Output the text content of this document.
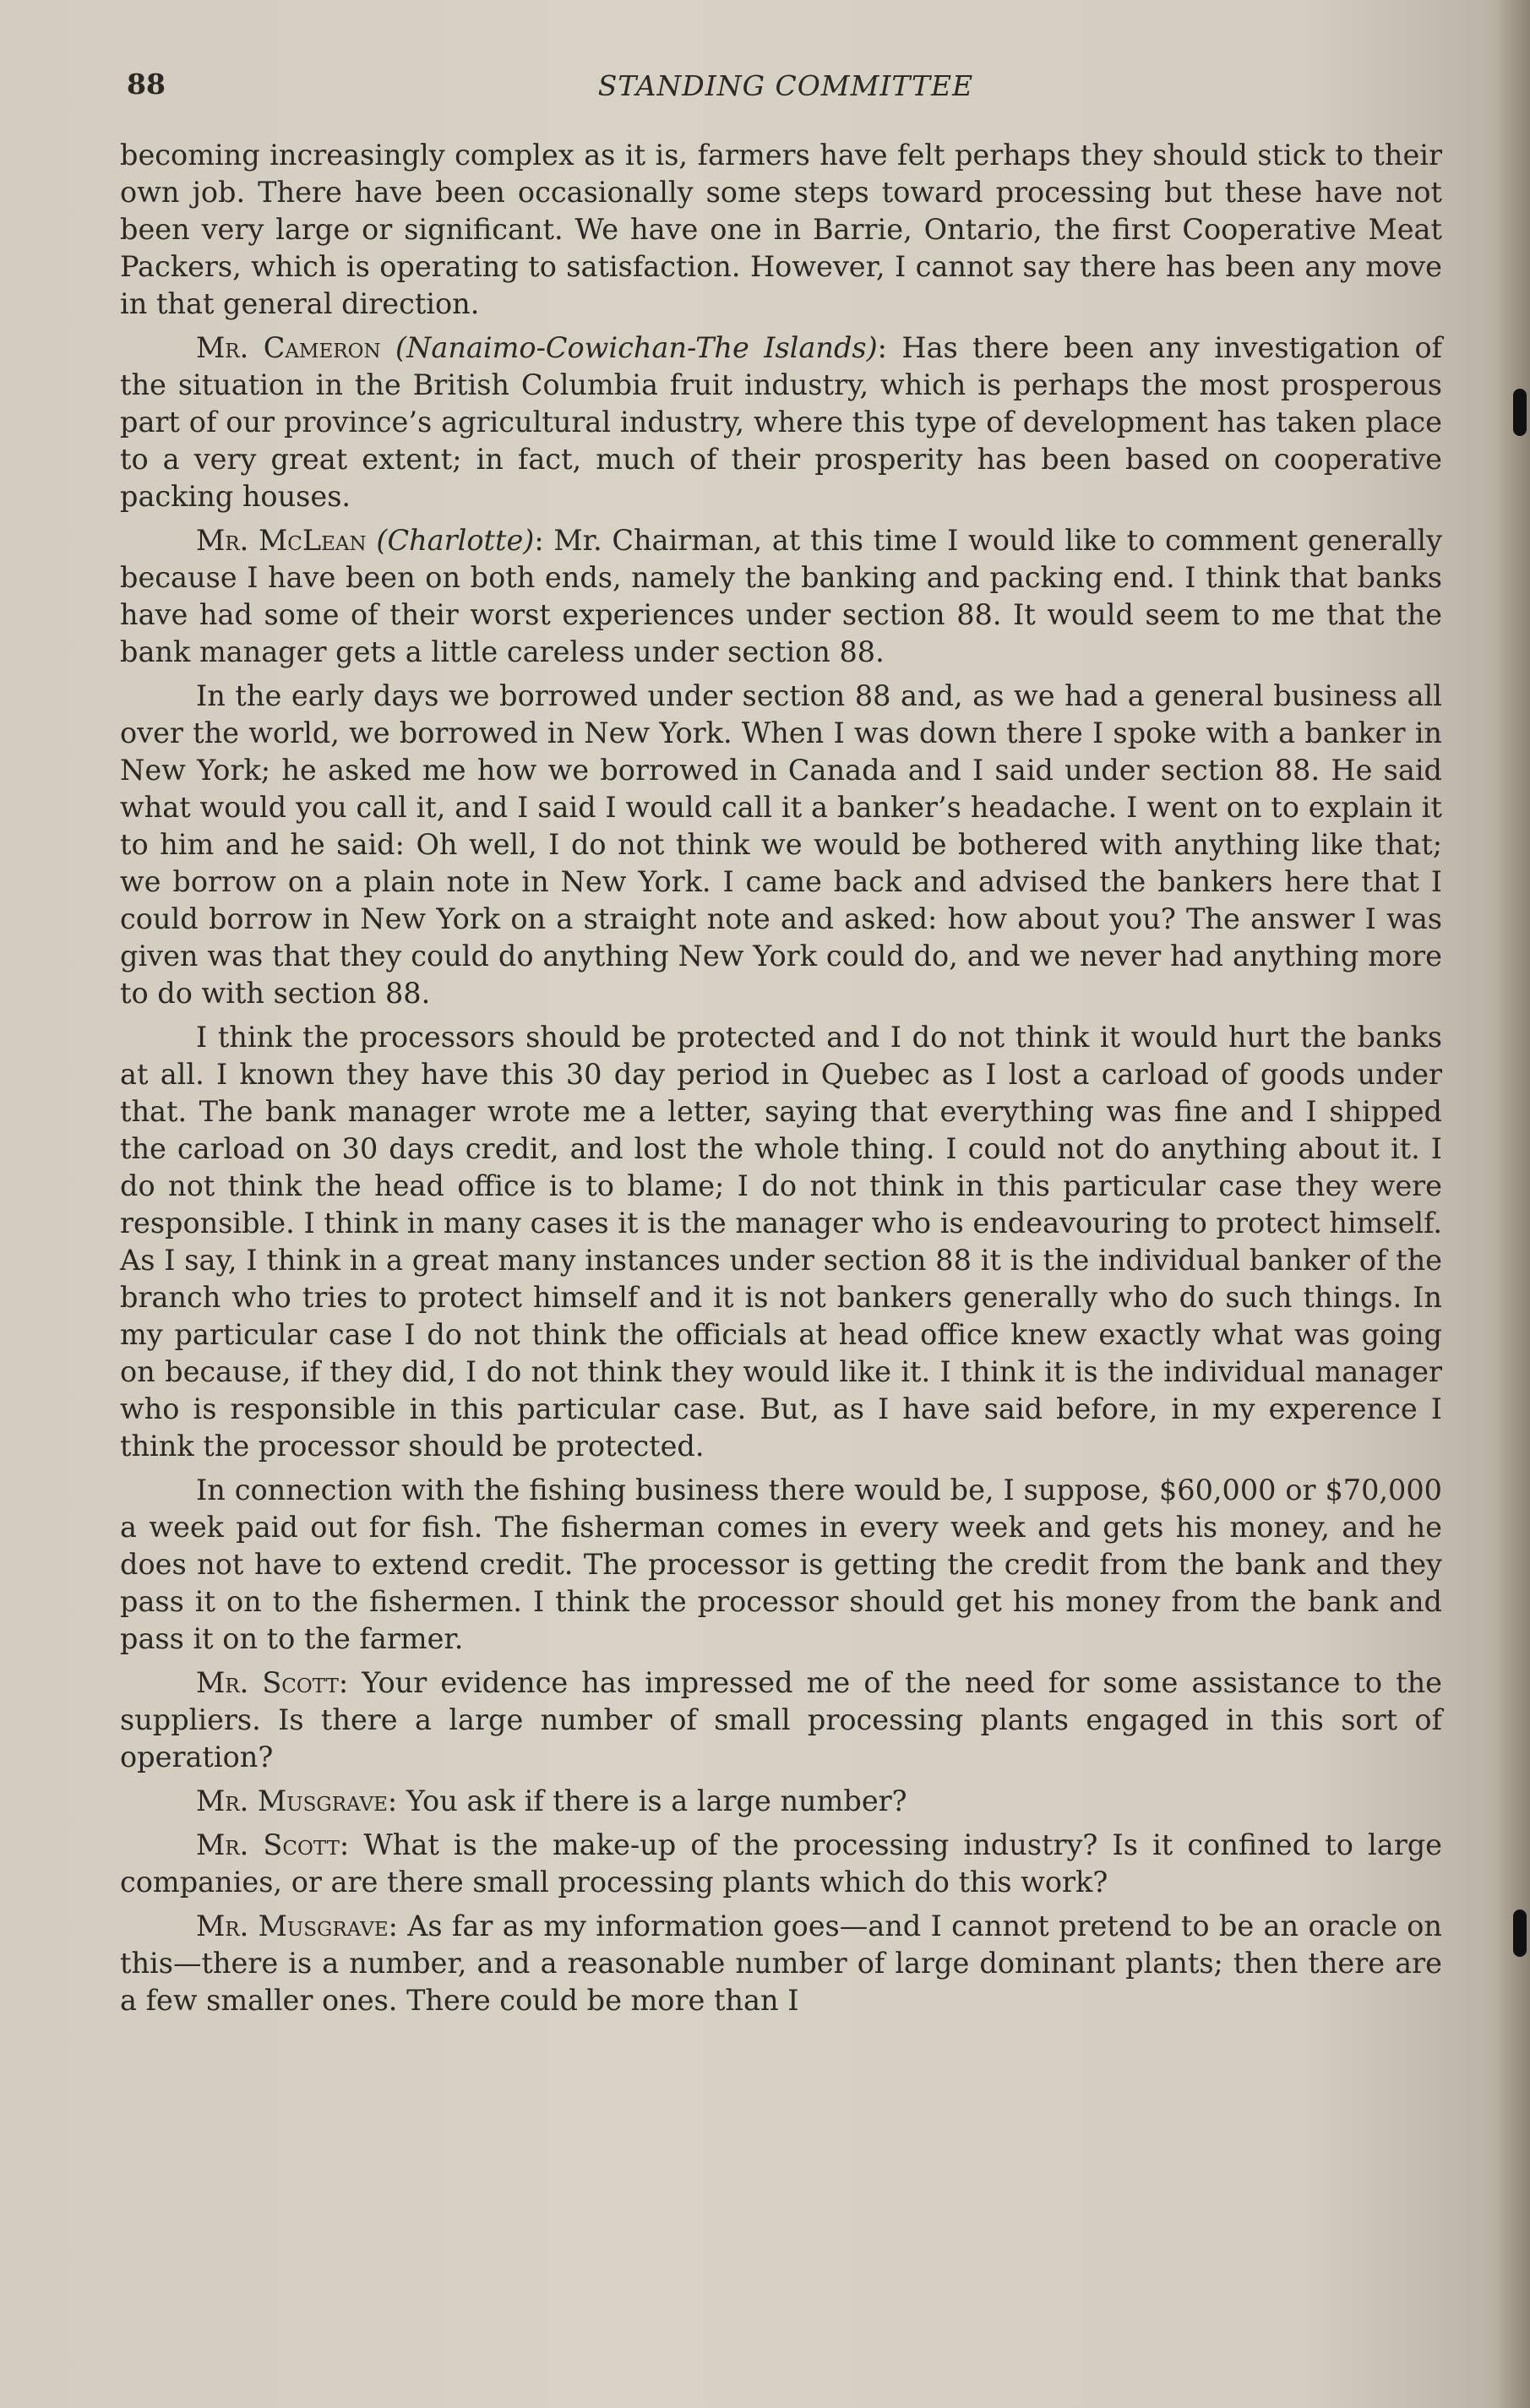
88	STANDING COMMITTEE

becoming increasingly complex as it is, farmers have felt perhaps they should stick to their own job. There have been occasionally some steps toward processing but these have not been very large or significant. We have one in Barrie, Ontario, the first Cooperative Meat Packers, which is operating to satisfaction. However, I cannot say there has been any move in that general direction.

Mr. Cameron (Nanaimo-Cowichan-The Islands): Has there been any investigation of the situation in the British Columbia fruit industry, which is perhaps the most prosperous part of our province’s agricultural industry, where this type of development has taken place to a very great extent; in fact, much of their prosperity has been based on cooperative packing houses.

Mr. McLean (Charlotte): Mr. Chairman, at this time I would like to comment generally because I have been on both ends, namely the banking and packing end. I think that banks have had some of their worst experiences under section 88. It would seem to me that the bank manager gets a little careless under section 88.

In the early days we borrowed under section 88 and, as we had a general business all over the world, we borrowed in New York. When I was down there I spoke with a banker in New York; he asked me how we borrowed in Canada and I said under section 88. He said what would you call it, and I said I would call it a banker’s headache. I went on to explain it to him and he said: Oh well, I do not think we would be bothered with anything like that; we borrow on a plain note in New York. I came back and advised the bankers here that I could borrow in New York on a straight note and asked: how about you? The answer I was given was that they could do anything New York could do, and we never had anything more to do with section 88.

I think the processors should be protected and I do not think it would hurt the banks at all. I known they have this 30 day period in Quebec as I lost a carload of goods under that. The bank manager wrote me a letter, saying that everything was fine and I shipped the carload on 30 days credit, and lost the whole thing. I could not do anything about it. I do not think the head office is to blame; I do not think in this particular case they were responsible. I think in many cases it is the manager who is endeavouring to protect himself. As I say, I think in a great many instances under section 88 it is the individual banker of the branch who tries to protect himself and it is not bankers generally who do such things. In my particular case I do not think the officials at head office knew exactly what was going on because, if they did, I do not think they would like it. I think it is the individual manager who is responsible in this particular case. But, as I have said before, in my experence I think the processor should be protected.

In connection with the fishing business there would be, I suppose, $60,000 or $70,000 a week paid out for fish. The fisherman comes in every week and gets his money, and he does not have to extend credit. The processor is getting the credit from the bank and they pass it on to the fishermen. I think the processor should get his money from the bank and pass it on to the farmer.

Mr. Scott: Your evidence has impressed me of the need for some assistance to the suppliers. Is there a large number of small processing plants engaged in this sort of operation?

Mr. Musgrave: You ask if there is a large number?

Mr. Scott: What is the make-up of the processing industry? Is it confined to large companies, or are there small processing plants which do this work?

Mr. Musgrave: As far as my information goes—and I cannot pretend to be an oracle on this—there is a number, and a reasonable number of large dominant plants; then there are a few smaller ones. There could be more than I
